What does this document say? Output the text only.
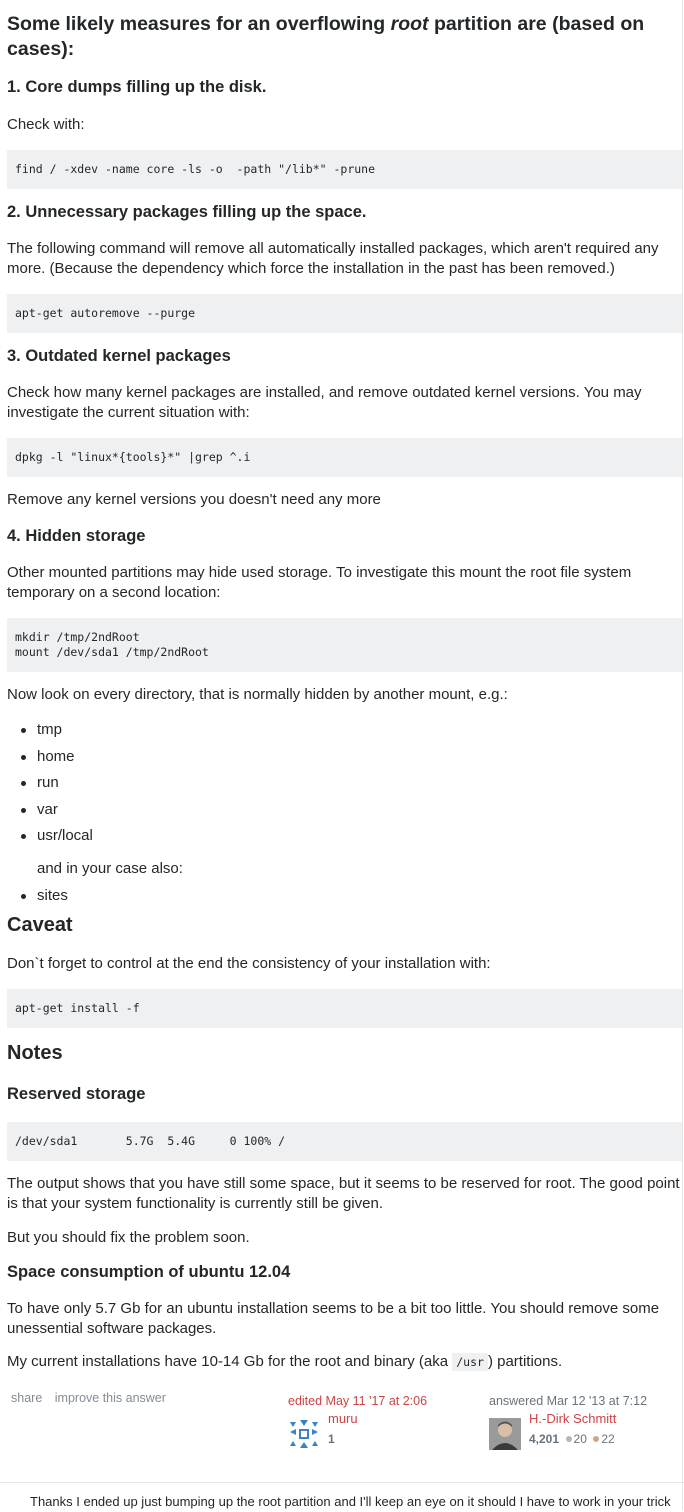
Some likely measures for an overflowing root partition are (based on cases):
1. Core dumps filling up the disk.

Check with:

find / -xdev -name core -ls -o  -path "/lib*" -prune
2. Unnecessary packages filling up the space.

The following command will remove all automatically installed packages, which aren't required any more. (Because the dependency which force the installation in the past has been removed.)

apt-get autoremove --purge
3. Outdated kernel packages

Check how many kernel packages are installed, and remove outdated kernel versions. You may investigate the current situation with:

dpkg -l "linux*{tools}*" |grep ^.i

Remove any kernel versions you doesn't need any more

4. Hidden storage

Other mounted partitions may hide used storage. To investigate this mount the root file system temporary on a second location:

mkdir /tmp/2ndRoot
mount /dev/sda1 /tmp/2ndRoot

Now look on every directory, that is normally hidden by another mount, e.g.:

tmp
home
run
var
usr/local

and in your case also:

sites
Caveat

Don`t forget to control at the end the consistency of your installation with:

apt-get install -f
Notes
Reserved storage
/dev/sda1       5.7G  5.4G     0 100% /

The output shows that you have still some space, but it seems to be reserved for root. The good point is that your system functionality is currently still be given.

But you should fix the problem soon.

Space consumption of ubuntu 12.04

To have only 5.7 Gb for an ubuntu installation seems to be a bit too little. You should remove some unessential software packages.

My current installations have 10-14 Gb for the root and binary (aka /usr ) partitions.

share improve this answer	edited May 11 '17 at 2:06
muru
1
answered Mar 12 '13 at 7:12
H.-Dirk Schmitt
4,201 20 22
Thanks I ended up just bumping up the root partition and I'll keep an eye on it should I have to work in your trick
